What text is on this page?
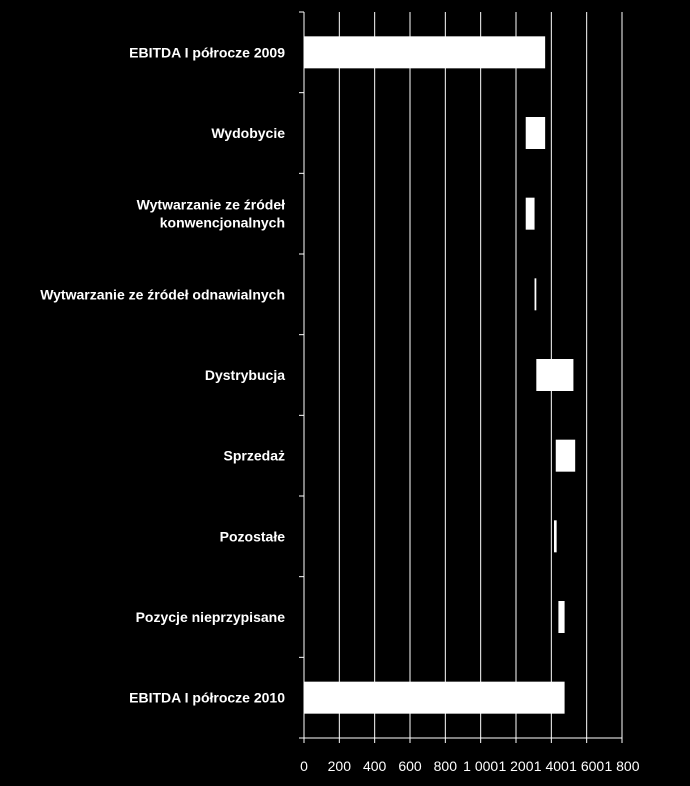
EBITDA I półrocze 2009
Wydobycie
Wytwarzanie ze źródeł
konwencjonalnych
Wytwarzanie ze źródeł odnawialnych
Dystrybucja
Sprzedaż
Pozostałe
Pozycje nieprzypisane
EBITDA I półrocze 2010
0 200 400 600 800 1 000 1 200 1 400 1 600 1 800
